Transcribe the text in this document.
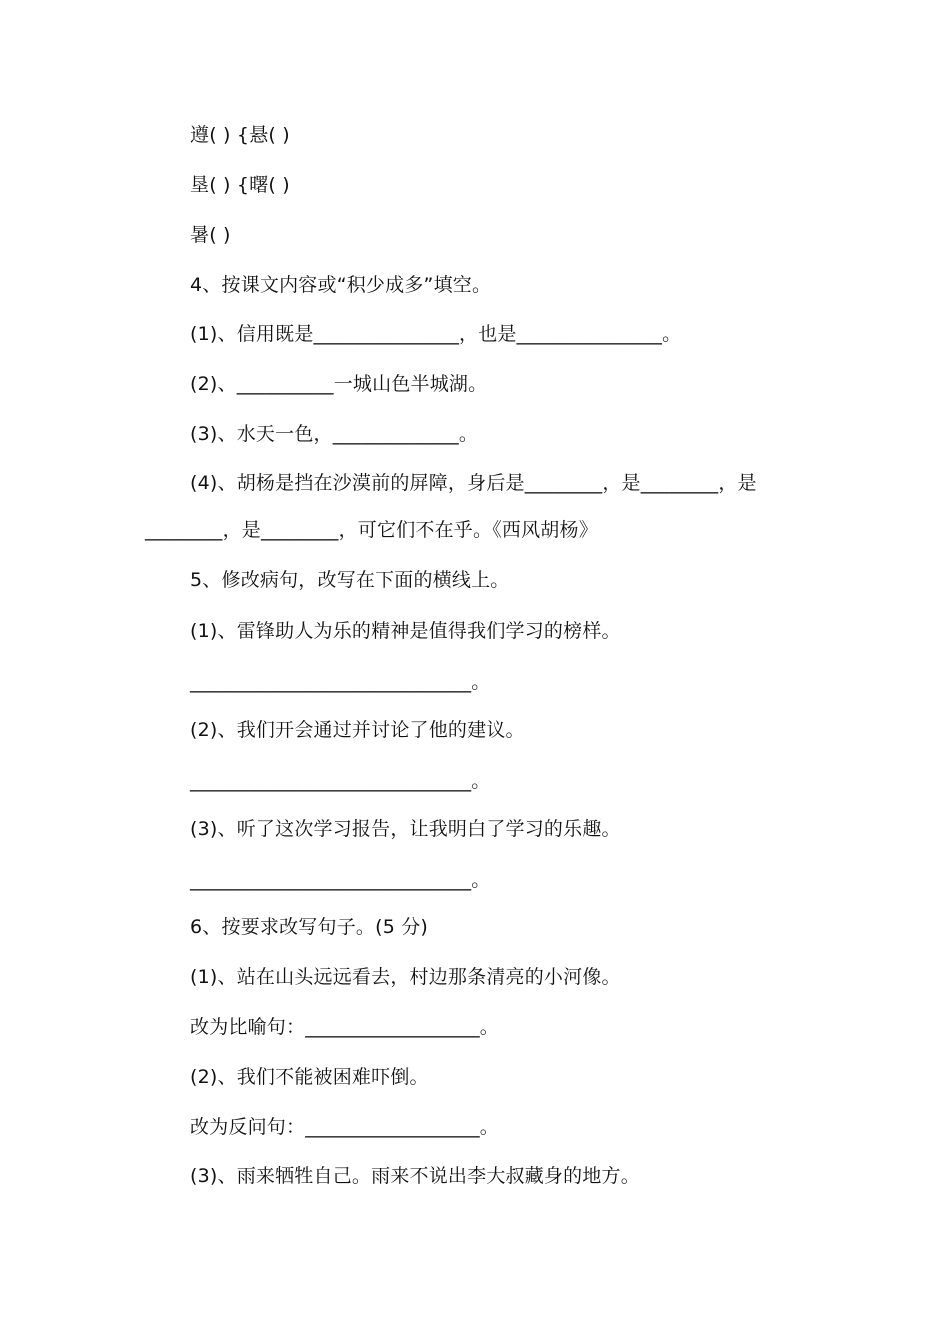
遵( ) {悬( )
垦( ) {曙( )
暑( )
4、按课文内容或“积少成多”填空。
(1)、信用既是_______________，也是_______________。
(2)、__________一城山色半城湖。
(3)、水天一色，_____________。
(4)、胡杨是挡在沙漠前的屏障，身后是________，是________，是
________，是________，可它们不在乎。《西风胡杨》
5、修改病句，改写在下面的横线上。
(1)、雷锋助人为乐的精神是值得我们学习的榜样。
_____________________________。
(2)、我们开会通过并讨论了他的建议。
_____________________________。
(3)、听了这次学习报告，让我明白了学习的乐趣。
_____________________________。
6、按要求改写句子。(5 分)
(1)、站在山头远远看去，村边那条清亮的小河像。
改为比喻句：__________________。
(2)、我们不能被困难吓倒。
改为反问句：__________________。
(3)、雨来牺牲自己。雨来不说出李大叔藏身的地方。
